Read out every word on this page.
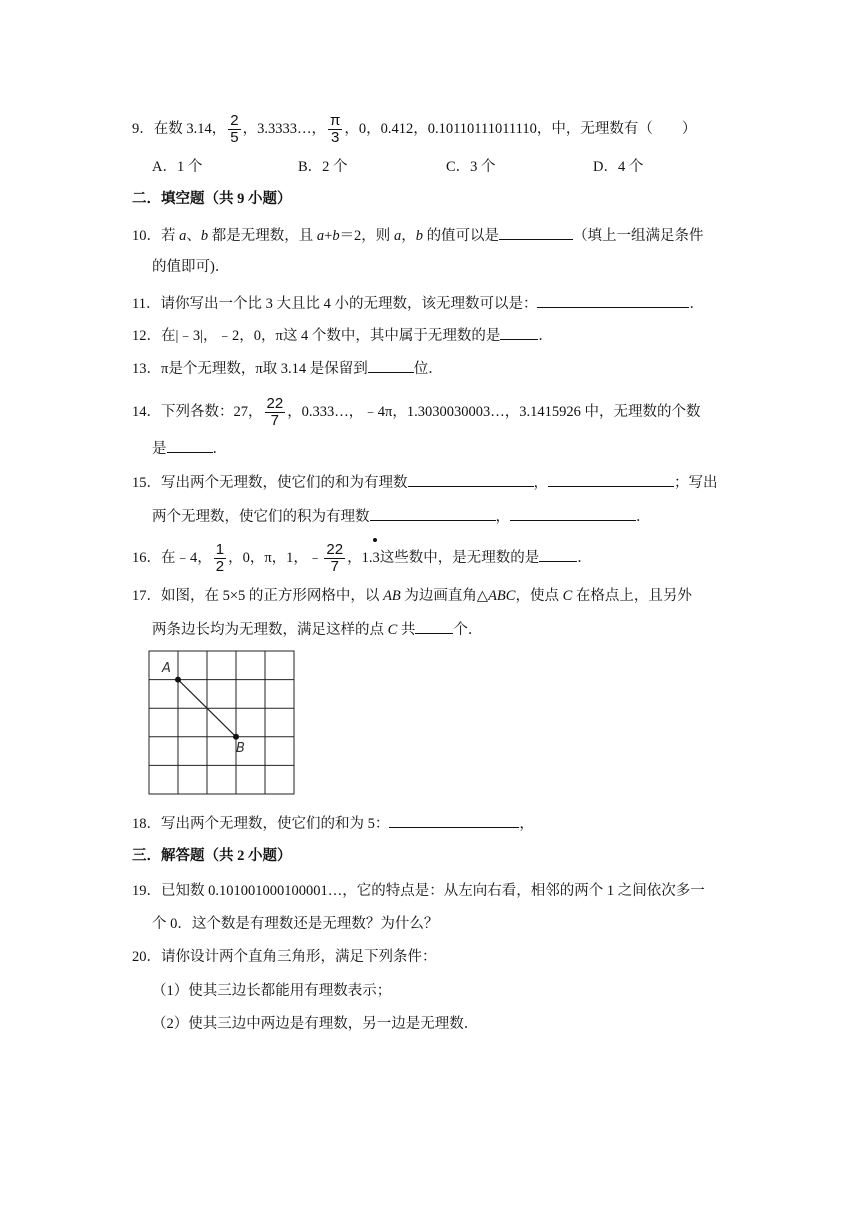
9．在数 3.14， $\frac{2}{5}$ ，3.3333…， $\frac{\pi}{3}$ ，0，0.412，0.10110111011110，中，无理数有（　　）
A．1 个	B．2 个	C．3 个	D．4 个
二．填空题（共 9 小题）
10．若 a、b 都是无理数，且 a+b＝2，则 a，b 的值可以是	（填上一组满足条件
的值即可)．
11．请你写出一个比 3 大且比 4 小的无理数，该无理数可以是：	．
12．在|﹣3|，﹣2，0，π这 4 个数中，其中属于无理数的是	．
13．π是个无理数，π取 3.14 是保留到	位．
14．下列各数：27， $\frac{22}{7}$ ，0.333…，﹣4π，1.3030030003…，3.1415926 中，无理数的个数
是	．
15．写出两个无理数，使它们的和为有理数	，	；写出
两个无理数，使它们的积为有理数	，	．
16．在﹣4， $\frac{1}{2}$ ，0，π，1，﹣ $\frac{22}{7}$ ，1.3这些数中，是无理数的是	．
17．如图，在 5×5 的正方形网格中，以 AB 为边画直角△ABC，使点 C 在格点上，且另外
两条边长均为无理数，满足这样的点 C 共	个．
A
B
18．写出两个无理数，使它们的和为 5：	，
三．解答题（共 2 小题）
19．已知数 0.101001000100001…，它的特点是：从左向右看，相邻的两个 1 之间依次多一
个 0．这个数是有理数还是无理数？为什么？
20．请你设计两个直角三角形，满足下列条件：
（1）使其三边长都能用有理数表示；
（2）使其三边中两边是有理数，另一边是无理数．
